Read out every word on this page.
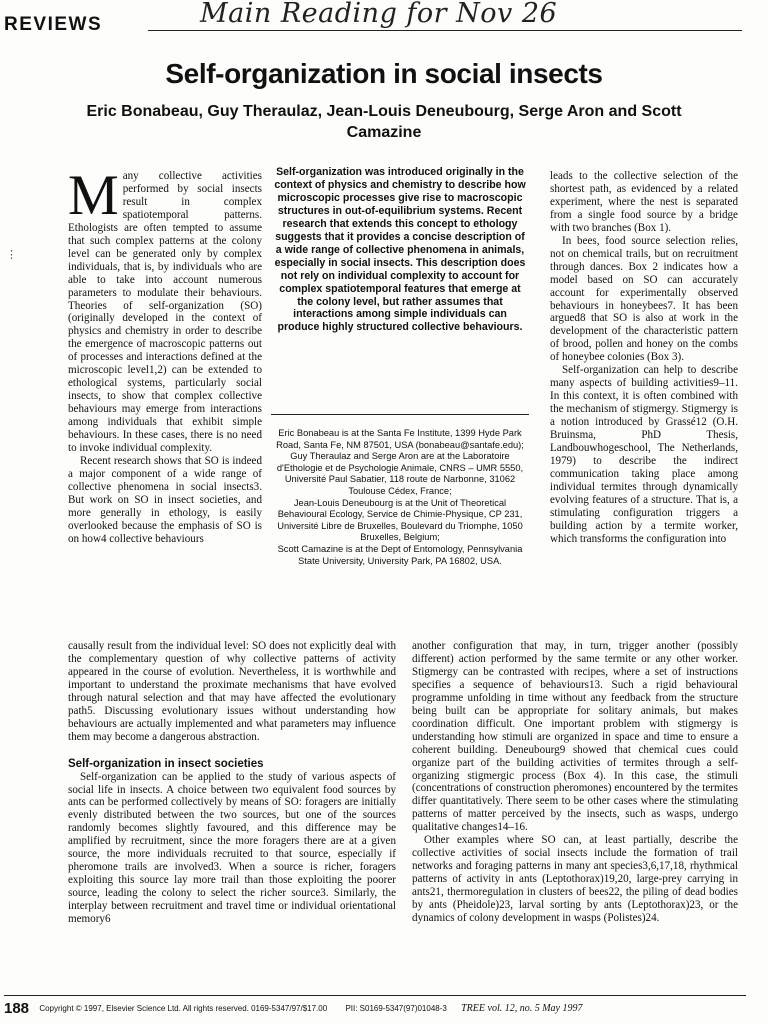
REVIEWS	Main Reading for Nov 26
Self-organization in social insects
Eric Bonabeau, Guy Theraulaz, Jean-Louis Deneubourg, Serge Aron and Scott Camazine
⋮

Many collective activities performed by social insects result in complex spatiotemporal patterns. Ethologists are often tempted to assume that such complex patterns at the colony level can be generated only by complex individuals, that is, by individuals who are able to take into account numerous parameters to modulate their behaviours. Theories of self-organization (SO) (originally developed in the context of physics and chemistry in order to describe the emergence of macroscopic patterns out of processes and interactions defined at the microscopic level1,2) can be extended to ethological systems, particularly social insects, to show that complex collective behaviours may emerge from interactions among individuals that exhibit simple behaviours. In these cases, there is no need to invoke individual complexity.

Recent research shows that SO is indeed a major component of a wide range of collective phenomena in social insects3. But work on SO in insect societies, and more generally in ethology, is easily overlooked because the emphasis of SO is on how4 collective behaviours

Self-organization was introduced originally in the context of physics and chemistry to describe how microscopic processes give rise to macroscopic structures in out-of-equilibrium systems. Recent research that extends this concept to ethology suggests that it provides a concise description of a wide range of collective phenomena in animals, especially in social insects. This description does not rely on individual complexity to account for complex spatiotemporal features that emerge at the colony level, but rather assumes that interactions among simple individuals can produce highly structured collective behaviours.
Eric Bonabeau is at the Santa Fe Institute, 1399 Hyde Park Road, Santa Fe, NM 87501, USA (bonabeau@santafe.edu); Guy Theraulaz and Serge Aron are at the Laboratoire d'Ethologie et de Psychologie Animale, CNRS – UMR 5550, Université Paul Sabatier, 118 route de Narbonne, 31062 Toulouse Cédex, France;
Jean-Louis Deneubourg is at the Unit of Theoretical Behavioural Ecology, Service de Chimie-Physique, CP 231, Université Libre de Bruxelles, Boulevard du Triomphe, 1050 Bruxelles, Belgium;
Scott Camazine is at the Dept of Entomology, Pennsylvania State University, University Park, PA 16802, USA.

leads to the collective selection of the shortest path, as evidenced by a related experiment, where the nest is separated from a single food source by a bridge with two branches (Box 1).

In bees, food source selection relies, not on chemical trails, but on recruitment through dances. Box 2 indicates how a model based on SO can accurately account for experimentally observed behaviours in honeybees7. It has been argued8 that SO is also at work in the development of the characteristic pattern of brood, pollen and honey on the combs of honeybee colonies (Box 3).

Self-organization can help to describe many aspects of building activities9–11. In this context, it is often combined with the mechanism of stigmergy. Stigmergy is a notion introduced by Grassé12 (O.H. Bruinsma, PhD Thesis, Landbouwhogeschool, The Netherlands, 1979) to describe the indirect communication taking place among individual termites through dynamically evolving features of a structure. That is, a stimulating configuration triggers a building action by a termite worker, which transforms the configuration into

causally result from the individual level: SO does not explicitly deal with the complementary question of why collective patterns of activity appeared in the course of evolution. Nevertheless, it is worthwhile and important to understand the proximate mechanisms that have evolved through natural selection and that may have affected the evolutionary path5. Discussing evolutionary issues without understanding how behaviours are actually implemented and what parameters may influence them may become a dangerous abstraction.

Self-organization in insect societies

Self-organization can be applied to the study of various aspects of social life in insects. A choice between two equivalent food sources by ants can be performed collectively by means of SO: foragers are initially evenly distributed between the two sources, but one of the sources randomly becomes slightly favoured, and this difference may be amplified by recruitment, since the more foragers there are at a given source, the more individuals recruited to that source, especially if pheromone trails are involved3. When a source is richer, foragers exploiting this source lay more trail than those exploiting the poorer source, leading the colony to select the richer source3. Similarly, the interplay between recruitment and travel time or individual orientational memory6

another configuration that may, in turn, trigger another (possibly different) action performed by the same termite or any other worker. Stigmergy can be contrasted with recipes, where a set of instructions specifies a sequence of behaviours13. Such a rigid behavioural programme unfolding in time without any feedback from the structure being built can be appropriate for solitary animals, but makes coordination difficult. One important problem with stigmergy is understanding how stimuli are organized in space and time to ensure a coherent building. Deneubourg9 showed that chemical cues could organize part of the building activities of termites through a self-organizing stigmergic process (Box 4). In this case, the stimuli (concentrations of construction pheromones) encountered by the termites differ quantitatively. There seem to be other cases where the stimulating patterns of matter perceived by the insects, such as wasps, undergo qualitative changes14–16.

Other examples where SO can, at least partially, describe the collective activities of social insects include the formation of trail networks and foraging patterns in many ant species3,6,17,18, rhythmical patterns of activity in ants (Leptothorax)19,20, large-prey carrying in ants21, thermoregulation in clusters of bees22, the piling of dead bodies by ants (Pheidole)23, larval sorting by ants (Leptothorax)23, or the dynamics of colony development in wasps (Polistes)24.

188 Copyright © 1997, Elsevier Science Ltd. All rights reserved. 0169-5347/97/$17.00 PII: S0169-5347(97)01048-3 TREE vol. 12, no. 5 May 1997
